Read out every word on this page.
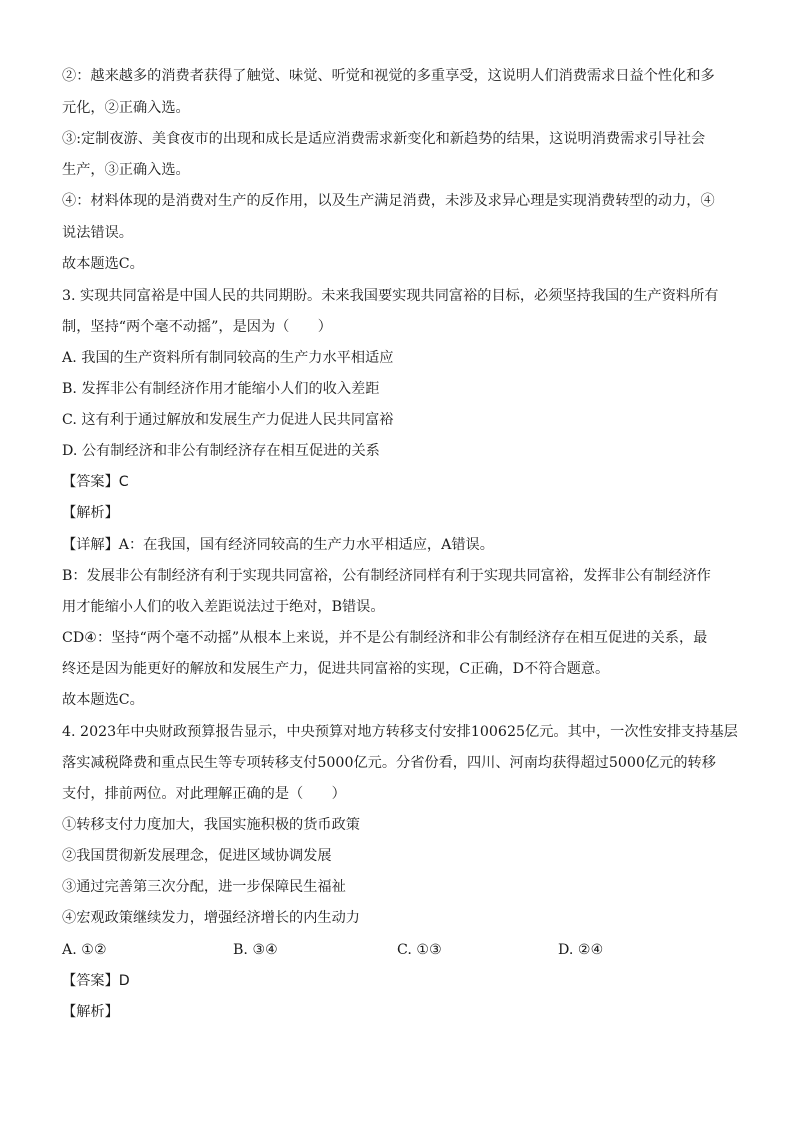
②：越来越多的消费者获得了触觉、味觉、听觉和视觉的多重享受，这说明人们消费需求日益个性化和多
元化，②正确入选。
③:定制夜游、美食夜市的出现和成长是适应消费需求新变化和新趋势的结果，这说明消费需求引导社会
生产，③正确入选。
④：材料体现的是消费对生产的反作用，以及生产满足消费，未涉及求异心理是实现消费转型的动力，④
说法错误。
故本题选C。
3. 实现共同富裕是中国人民的共同期盼。未来我国要实现共同富裕的目标，必须坚持我国的生产资料所有
制，坚持“两个毫不动摇”，是因为（　　）
A. 我国的生产资料所有制同较高的生产力水平相适应
B. 发挥非公有制经济作用才能缩小人们的收入差距
C. 这有利于通过解放和发展生产力促进人民共同富裕
D. 公有制经济和非公有制经济存在相互促进的关系
【答案】C
【解析】
【详解】A：在我国，国有经济同较高的生产力水平相适应，A错误。
B：发展非公有制经济有利于实现共同富裕，公有制经济同样有利于实现共同富裕，发挥非公有制经济作
用才能缩小人们的收入差距说法过于绝对，B错误。
CD④：坚持“两个毫不动摇”从根本上来说，并不是公有制经济和非公有制经济存在相互促进的关系，最
终还是因为能更好的解放和发展生产力，促进共同富裕的实现，C正确，D不符合题意。
故本题选C。
4. 2023年中央财政预算报告显示，中央预算对地方转移支付安排100625亿元。其中，一次性安排支持基层
落实减税降费和重点民生等专项转移支付5000亿元。分省份看，四川、河南均获得超过5000亿元的转移
支付，排前两位。对此理解正确的是（　　）
①转移支付力度加大，我国实施积极的货币政策
②我国贯彻新发展理念，促进区域协调发展
③通过完善第三次分配，进一步保障民生福祉
④宏观政策继续发力，增强经济增长的内生动力
A. ①②	B. ③④	C. ①③	D. ②④
【答案】D
【解析】
